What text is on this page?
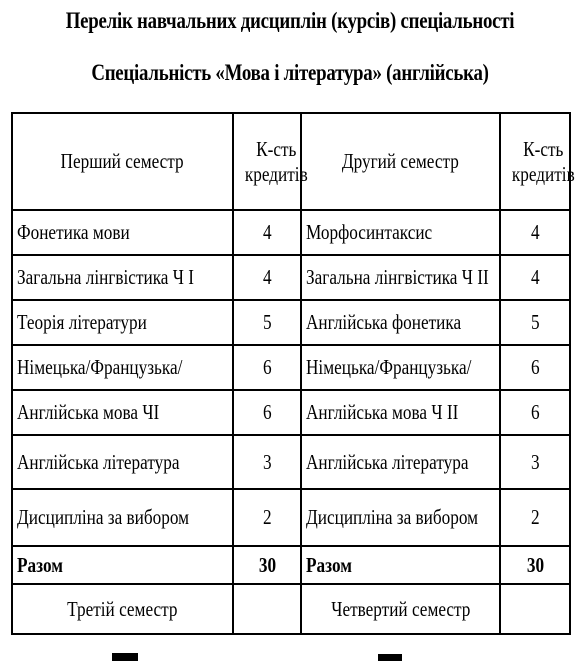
Перелік навчальних дисциплін (курсів) спеціальності
Спеціальність «Мова і література» (англійська)
Перший семестр	К-сть кредитів	Другий семестр	К-сть кредитів
Фонетика мови	4	Морфосинтаксис	4
Загальна лінгвістика Ч І	4	Загальна лінгвістика Ч ІІ	4
Теорія літератури	5	Англійська фонетика	5
Німецька/Французька/	6	Німецька/Французька/	6
Англійська мова ЧІ	6	Англійська мова Ч ІІ	6
Англійська література	3	Англійська література	3
Дисципліна за вибором	2	Дисципліна за вибором	2
Разом	30	Разом	30
Третій семестр		Четвертий семестр	
